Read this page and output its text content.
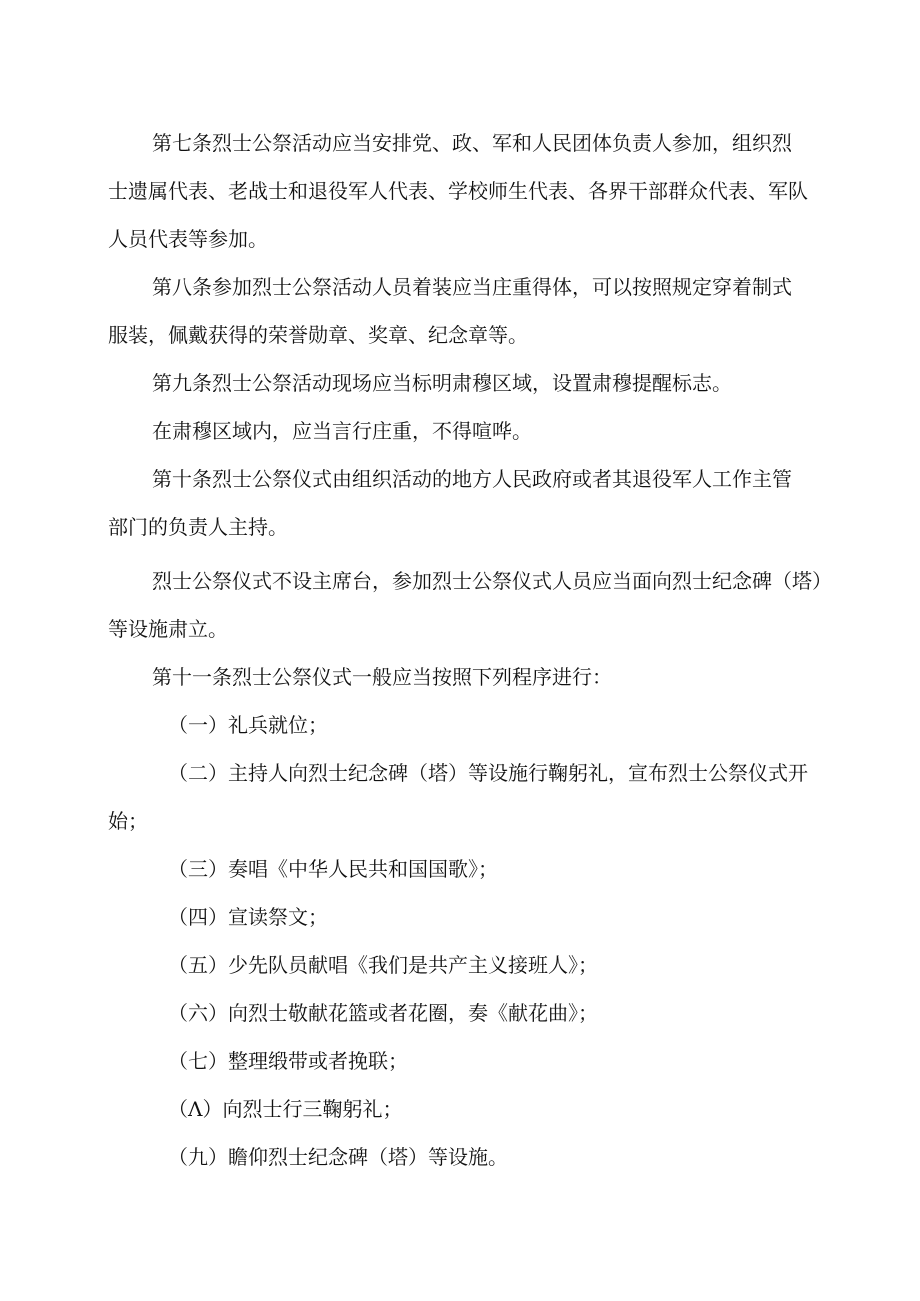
第七条烈士公祭活动应当安排党、政、军和人民团体负责人参加，组织烈
士遗属代表、老战士和退役军人代表、学校师生代表、各界干部群众代表、军队
人员代表等参加。
第八条参加烈士公祭活动人员着装应当庄重得体，可以按照规定穿着制式
服装，佩戴获得的荣誉勋章、奖章、纪念章等。
第九条烈士公祭活动现场应当标明肃穆区域，设置肃穆提醒标志。
在肃穆区域内，应当言行庄重，不得喧哗。
第十条烈士公祭仪式由组织活动的地方人民政府或者其退役军人工作主管
部门的负责人主持。
烈士公祭仪式不设主席台，参加烈士公祭仪式人员应当面向烈士纪念碑（塔）
等设施肃立。
第十一条烈士公祭仪式一般应当按照下列程序进行：
（一）礼兵就位；
（二）主持人向烈士纪念碑（塔）等设施行鞠躬礼，宣布烈士公祭仪式开
始；
（三）奏唱《中华人民共和国国歌》；
（四）宣读祭文；
（五）少先队员献唱《我们是共产主义接班人》；
（六）向烈士敬献花篮或者花圈，奏《献花曲》；
（七）整理缎带或者挽联；
（Λ）向烈士行三鞠躬礼；
（九）瞻仰烈士纪念碑（塔）等设施。
